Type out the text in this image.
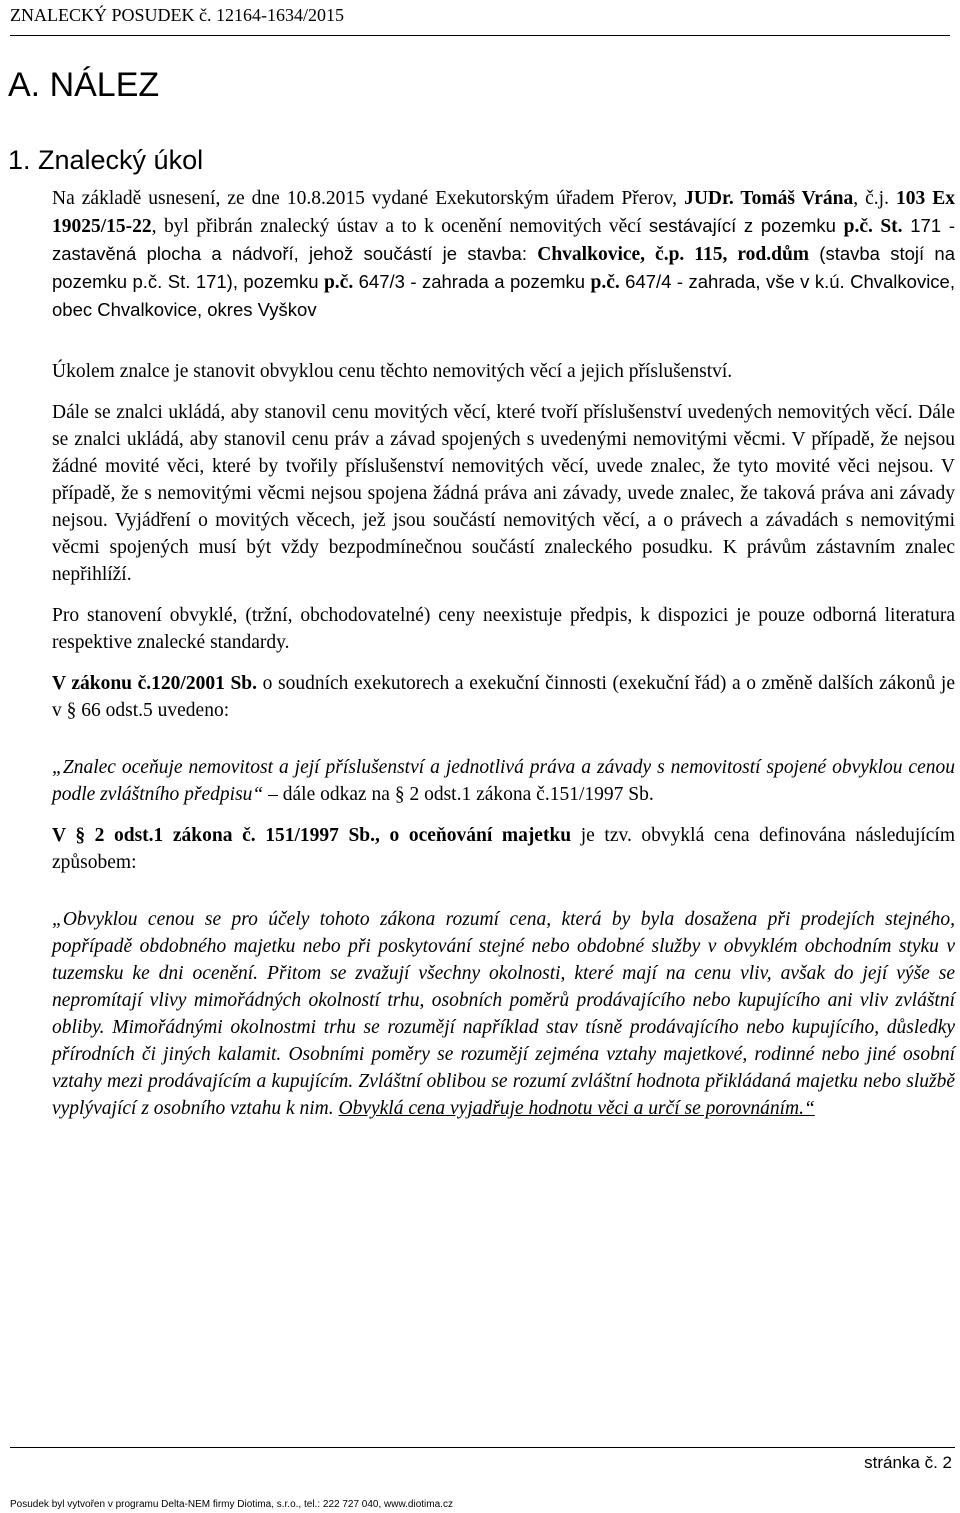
ZNALECKÝ POSUDEK č. 12164-1634/2015
A. NÁLEZ
1. Znalecký úkol

Na základě usnesení, ze dne 10.8.2015 vydané Exekutorským úřadem Přerov, JUDr. Tomáš Vrána, č.j. 103 Ex 19025/15-22, byl přibrán znalecký ústav a to k ocenění nemovitých věcí sestávající z pozemku p.č. St. 171 - zastavěná plocha a nádvoří, jehož součástí je stavba: Chvalkovice, č.p. 115, rod.dům (stavba stojí na pozemku p.č. St. 171), pozemku p.č. 647/3 - zahrada a pozemku p.č. 647/4 - zahrada, vše v k.ú. Chvalkovice, obec Chvalkovice, okres Vyškov

Úkolem znalce je stanovit obvyklou cenu těchto nemovitých věcí a jejich příslušenství.

Dále se znalci ukládá, aby stanovil cenu movitých věcí, které tvoří příslušenství uvedených nemovitých věcí. Dále se znalci ukládá, aby stanovil cenu práv a závad spojených s uvedenými nemovitými věcmi. V případě, že nejsou žádné movité věci, které by tvořily příslušenství nemovitých věcí, uvede znalec, že tyto movité věci nejsou. V případě, že s nemovitými věcmi nejsou spojena žádná práva ani závady, uvede znalec, že taková práva ani závady nejsou. Vyjádření o movitých věcech, jež jsou součástí nemovitých věcí, a o právech a závadách s nemovitými věcmi spojených musí být vždy bezpodmínečnou součástí znaleckého posudku. K právům zástavním znalec nepřihlíží.

Pro stanovení obvyklé, (tržní, obchodovatelné) ceny neexistuje předpis, k dispozici je pouze odborná literatura respektive znalecké standardy.

V zákonu č.120/2001 Sb. o soudních exekutorech a exekuční činnosti (exekuční řád) a o změně dalších zákonů je v § 66 odst.5 uvedeno:

„Znalec oceňuje nemovitost a její příslušenství a jednotlivá práva a závady s nemovitostí spojené obvyklou cenou podle zvláštního předpisu“ – dále odkaz na § 2 odst.1 zákona č.151/1997 Sb.

V § 2 odst.1 zákona č. 151/1997 Sb., o oceňování majetku je tzv. obvyklá cena definována následujícím způsobem:

„Obvyklou cenou se pro účely tohoto zákona rozumí cena, která by byla dosažena při prodejích stejného, popřípadě obdobného majetku nebo při poskytování stejné nebo obdobné služby v obvyklém obchodním styku v tuzemsku ke dni ocenění. Přitom se zvažují všechny okolnosti, které mají na cenu vliv, avšak do její výše se nepromítají vlivy mimořádných okolností trhu, osobních poměrů prodávajícího nebo kupujícího ani vliv zvláštní obliby. Mimořádnými okolnostmi trhu se rozumějí například stav tísně prodávajícího nebo kupujícího, důsledky přírodních či jiných kalamit. Osobními poměry se rozumějí zejména vztahy majetkové, rodinné nebo jiné osobní vztahy mezi prodávajícím a kupujícím. Zvláštní oblibou se rozumí zvláštní hodnota přikládaná majetku nebo službě vyplývající z osobního vztahu k nim. Obvyklá cena vyjadřuje hodnotu věci a určí se porovnáním.“

stránka č. 2
Posudek byl vytvořen v programu Delta-NEM firmy Diotima, s.r.o., tel.: 222 727 040, www.diotima.cz
